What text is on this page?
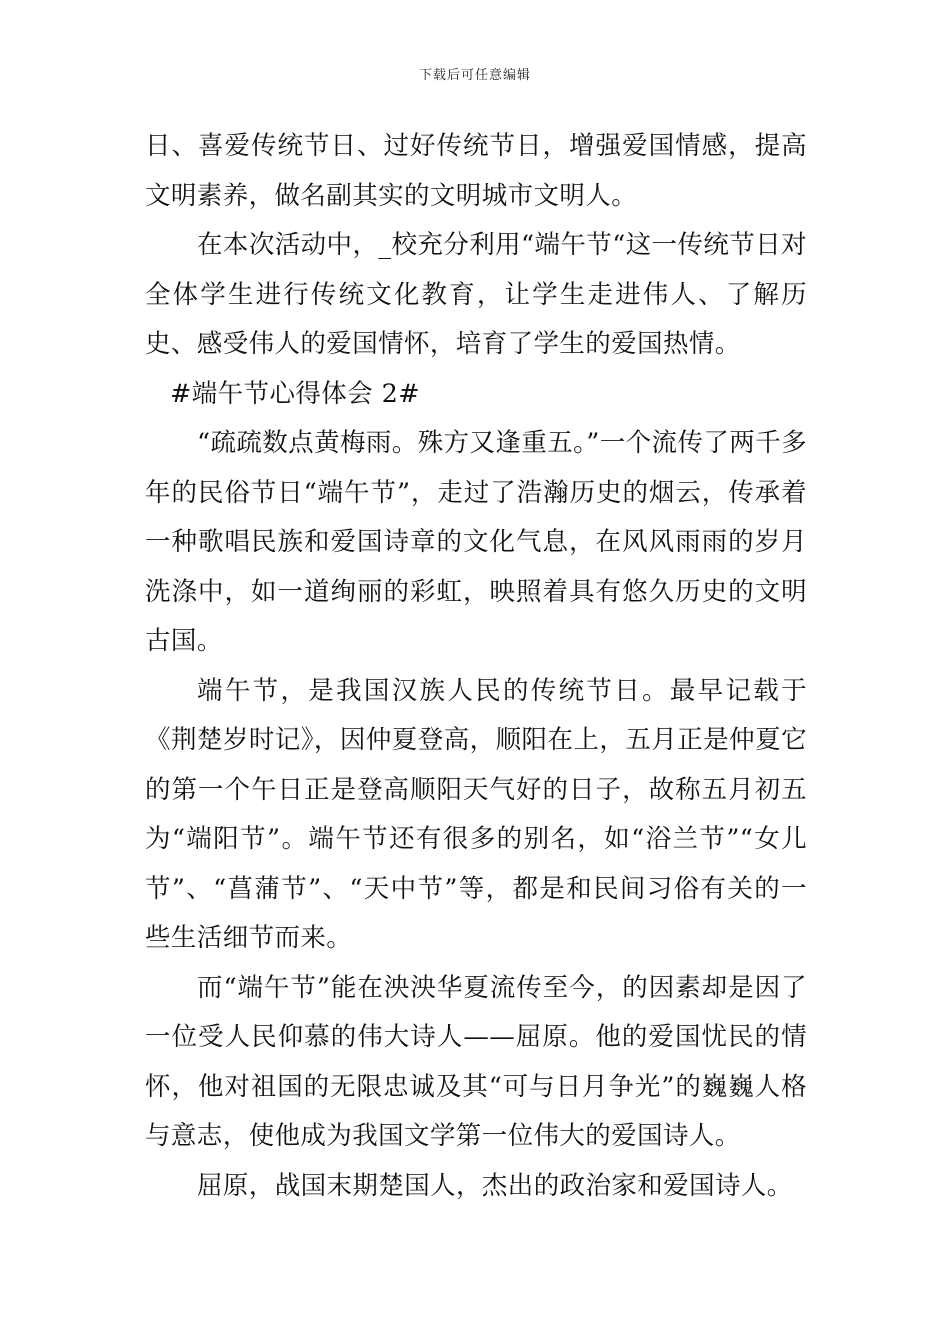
下载后可任意编辑

日、喜爱传统节日、过好传统节日，增强爱国情感，提高文明素养，做名副其实的文明城市文明人。

在本次活动中，_校充分利用“端午节“这一传统节日对全体学生进行传统文化教育，让学生走进伟人、了解历史、感受伟人的爱国情怀，培育了学生的爱国热情。

#端午节心得体会 2#

“疏疏数点黄梅雨。殊方又逢重五。”一个流传了两千多年的民俗节日“端午节”，走过了浩瀚历史的烟云，传承着一种歌唱民族和爱国诗章的文化气息，在风风雨雨的岁月洗涤中，如一道绚丽的彩虹，映照着具有悠久历史的文明古国。

端午节，是我国汉族人民的传统节日。最早记载于《荆楚岁时记》，因仲夏登高，顺阳在上，五月正是仲夏它的第一个午日正是登高顺阳天气好的日子，故称五月初五为“端阳节”。端午节还有很多的别名，如“浴兰节”“女儿节”、“菖蒲节”、“天中节”等，都是和民间习俗有关的一些生活细节而来。

而“端午节”能在泱泱华夏流传至今，的因素却是因了一位受人民仰慕的伟大诗人——屈原。他的爱国忧民的情怀，他对祖国的无限忠诚及其“可与日月争光”的巍巍人格与意志，使他成为我国文学第一位伟大的爱国诗人。

屈原，战国末期楚国人，杰出的政治家和爱国诗人。
